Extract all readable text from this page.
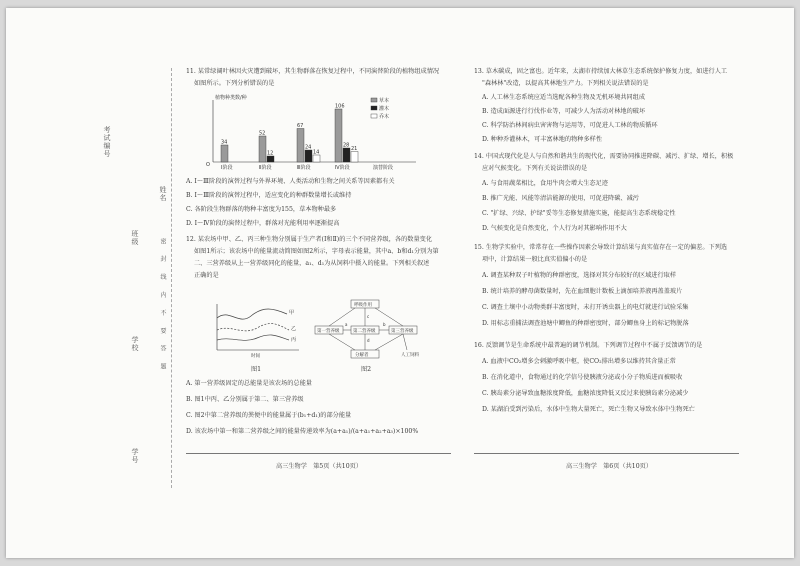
考试编号
学校
班级
姓名
密 封 线 内 不 要 答 题
学号
11. 某常绿阔叶林因火灾遭到破坏，其生物群落在恢复过程中，不同演替阶段的植物组成情况
如图所示。下列分析错误的是
植物种类数/种
O
34
Ⅰ阶段
52
12
Ⅱ阶段
67
24
14
Ⅲ阶段
106
28
21
Ⅳ阶段	演替阶段
草本
灌木
乔木
A. Ⅰ～Ⅲ阶段的演替过程与外界环境、人类活动和生物之间关系等因素都有关
B. Ⅰ～Ⅲ阶段的演替过程中，适应变化的种群数量增长或维持
C. 各阶段生物群落的物种丰富度为155，草本物种最多
D. Ⅰ～Ⅳ阶段的演替过程中，群落对光能利用率逐渐提高
12. 某农场中甲、乙、丙三种生物分别属于生产者(Ⅰ和Ⅱ)的三个不同营养级，各的数量变化
如图1所示；该农场中的能量流动简图如图2所示，字母表示能量，其中a、b和d₁分别为第
二、三营养级从上一营养级同化的能量，a₁、d₁为从饲料中摄入的能量。下列相关叙述
正确的是
甲
乙
丙
时间
图1
呼吸作用
第一营养级	第二营养级	第三营养级
分解者	人工饲料
a	b
c
d
图2
A. 第一营养级固定的总能量是该农场的总能量
B. 图1中丙、乙分别属于第二、第三营养级
C. 图2中第二营养级的粪便中的能量属于(b₁+d₁)的部分能量
D. 该农场中第一和第二营养级之间的能量传递效率为(a+a₁)/(a+a₁+a₂+a₃)×100%
高三生物学　第5页（共10页）
13. 草木碳成，固之富也。近年来，太湖市持续加大林草生态系统保护修复力度，如进行人工
"森林林"改造，以提高其林地生产力。下列相关说法错误的是
A. 人工林生态系统应适当选配各种生物及无机环境共同组成
B. 造成面源进行行伐作业等，可减少人为活动对林地的破坏
C. 科学防治林间病虫害害物与运用等，可促进人工林的物质循环
D. 种种乔灌林木，可丰富林地的物种多样性
14. 中国式现代化是人与自然和谐共生的现代化，需要协同推进降碳、减污、扩绿、增长，积极
应对气候变化。下列有关说法错误的是
A. 与食用蔬菜相比，食用牛肉会增大生态足迹
B. 推广光能、风能等清洁能源的使用，可促进降碳、减污
C. "扩绿、兴绿、护绿"妥等生态修复措施实施，能提高生态系统稳定性
D. 气候变化是自然变化，个人行为对其影响作用不大
15. 生物学实验中，常常存在一些操作因素会导致计算结果与真实值存在一定的偏差。下列选
项中，计算结果一般比真实值偏小的是
A. 调查某种双子叶植物的种群密度，选择对其分布较好的区域进行取样
B. 统计培养的酵母菌数量时，先在血细胞计数板上滴加培养液再盖盖玻片
C. 调查土壤中小动物类群丰富度时，未打开诱虫器上的电灯就进行试验采集
D. 用标志重捕法调查池塘中鲫鱼的种群密度时，部分鲫鱼身上的标记物脱落
16. 反馈调节是生命系统中最普遍的调节机制。下列调节过程中不属于反馈调节的是
A. 血液中CO₂增多会刺激呼吸中枢，使CO₂排出增多以维持其含量正常
B. 在消化道中，食物通过的化学信号使胰液分泌或小分子物质进而被吸收
C. 胰岛素分泌导致血糖浓度降低，血糖浓度降低又反过来使胰岛素分泌减少
D. 某湖泊受到污染后，水体中生物大量死亡，死亡生物又导致水体中生物死亡
高三生物学　第6页（共10页）
